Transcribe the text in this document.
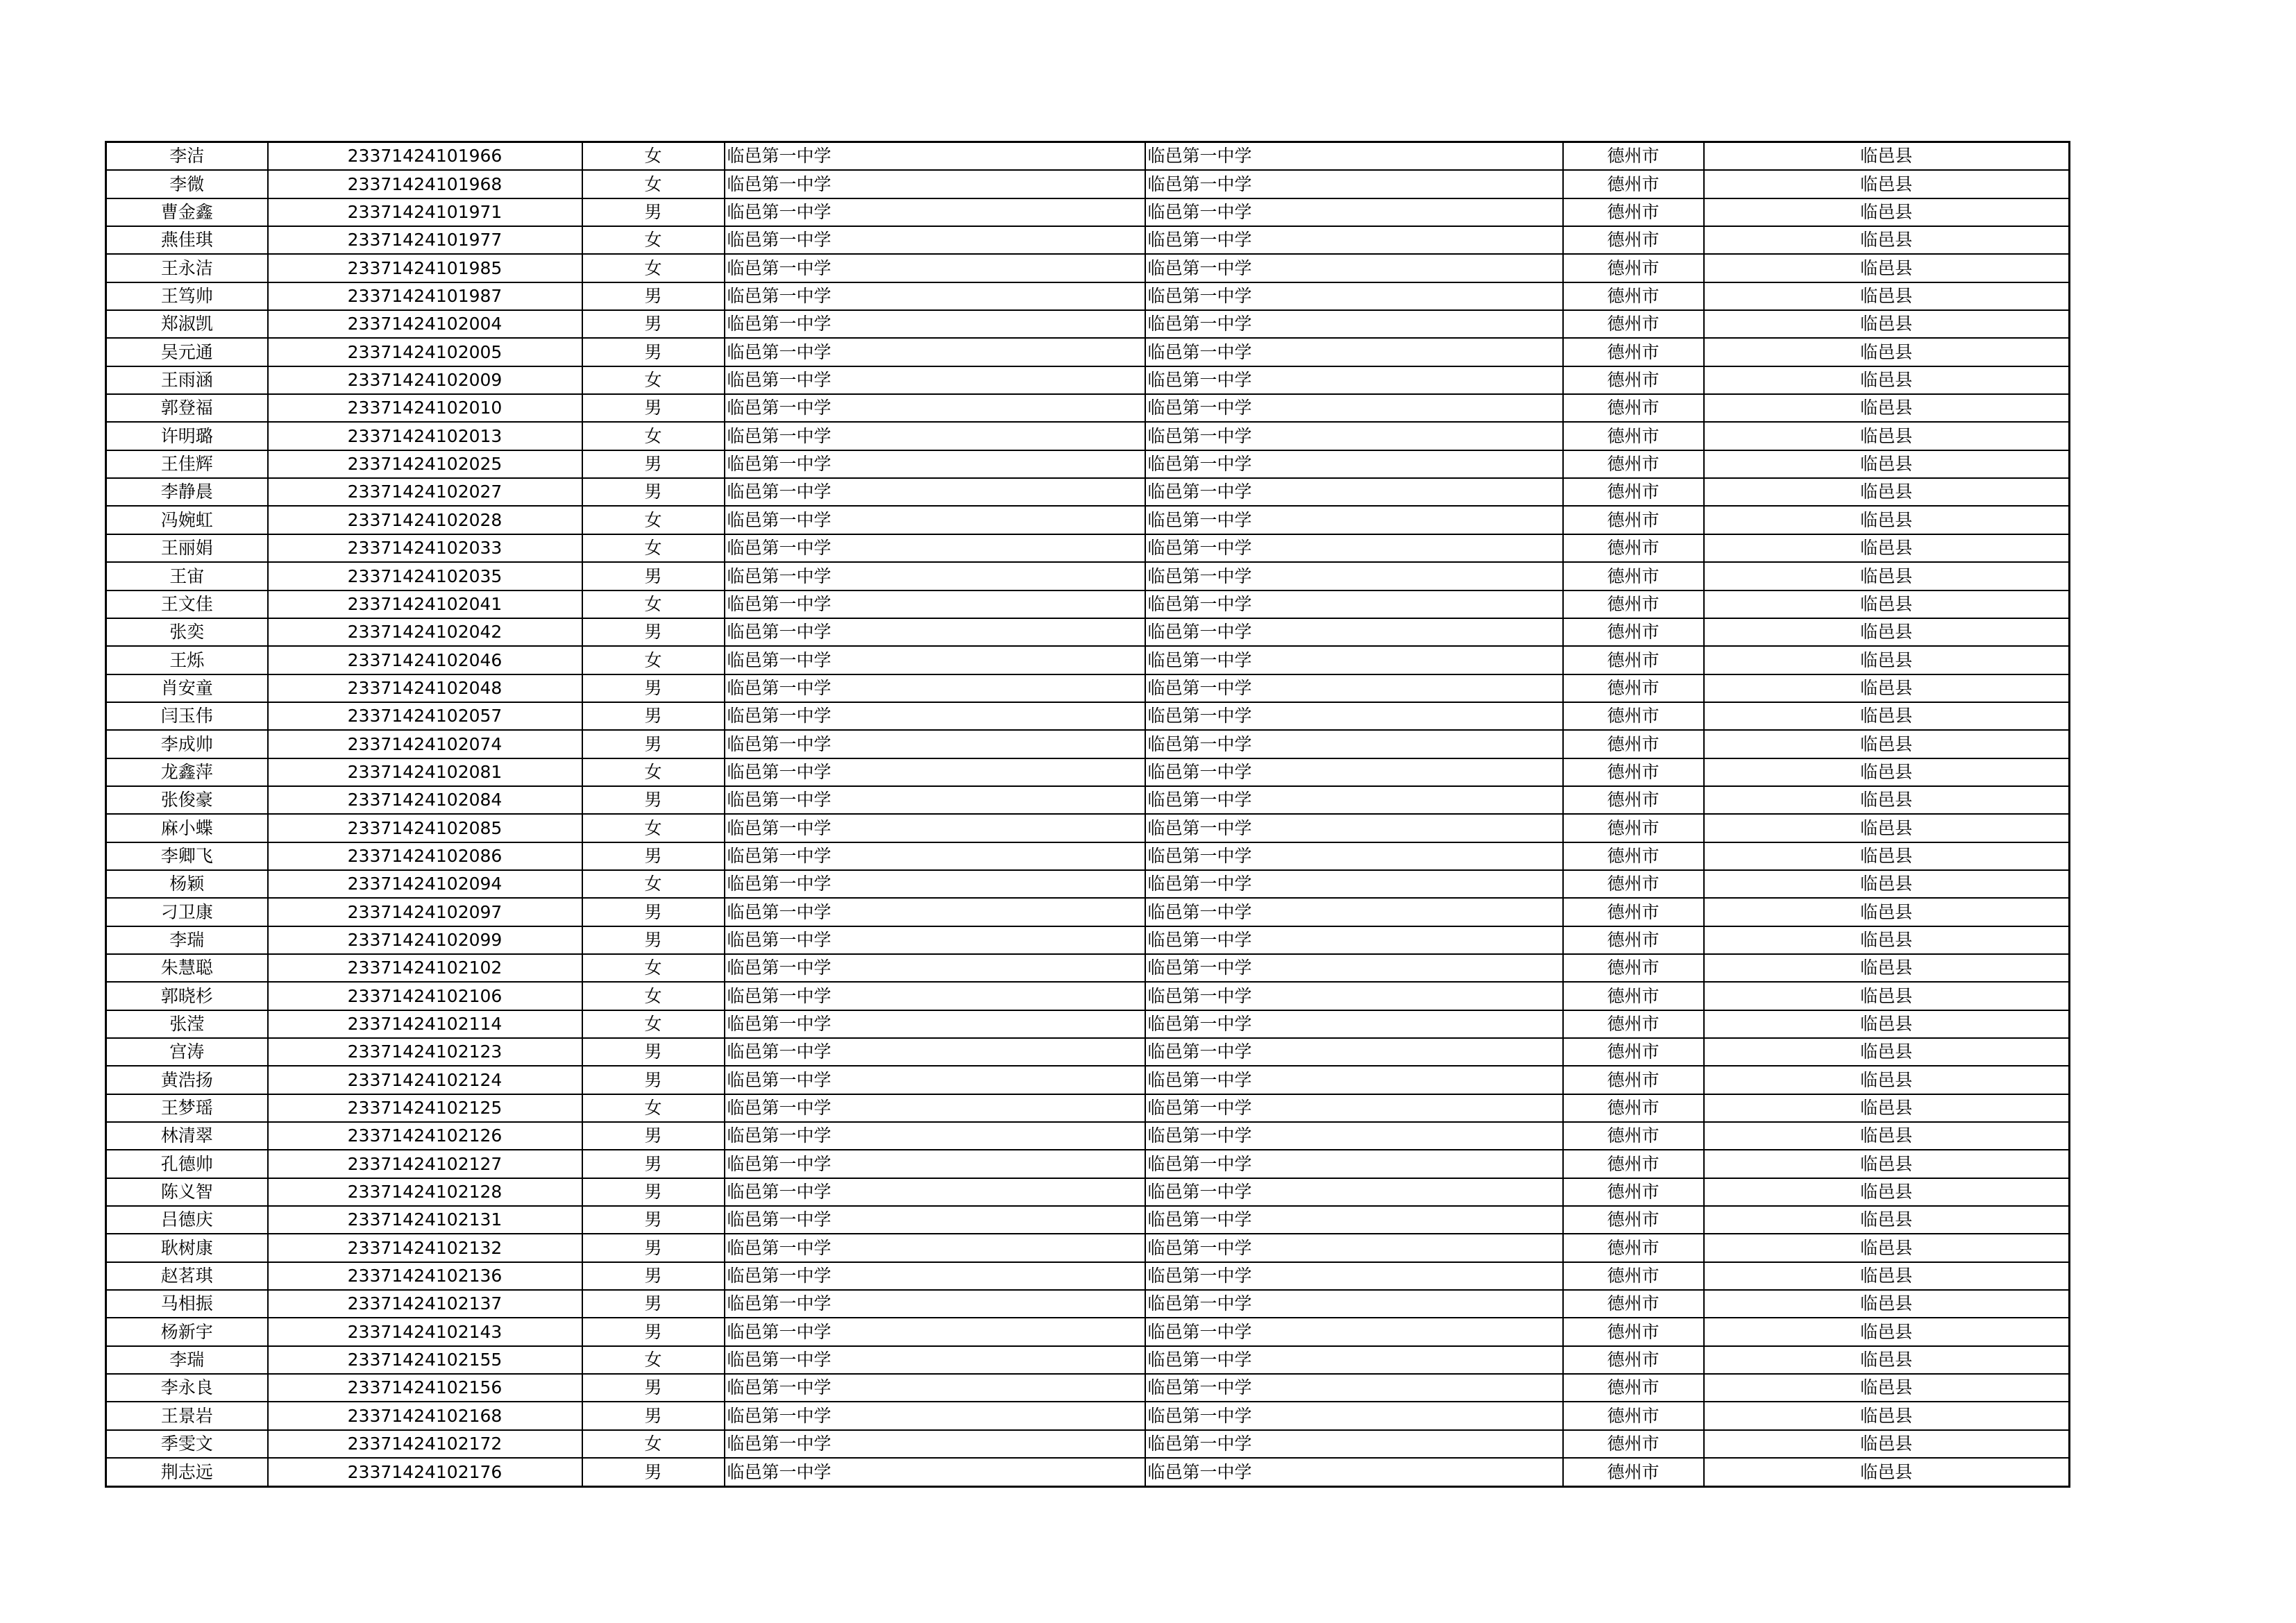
李洁	23371424101966	女	临邑第一中学	临邑第一中学	德州市	临邑县
李微	23371424101968	女	临邑第一中学	临邑第一中学	德州市	临邑县
曹金鑫	23371424101971	男	临邑第一中学	临邑第一中学	德州市	临邑县
燕佳琪	23371424101977	女	临邑第一中学	临邑第一中学	德州市	临邑县
王永洁	23371424101985	女	临邑第一中学	临邑第一中学	德州市	临邑县
王笃帅	23371424101987	男	临邑第一中学	临邑第一中学	德州市	临邑县
郑淑凯	23371424102004	男	临邑第一中学	临邑第一中学	德州市	临邑县
吴元通	23371424102005	男	临邑第一中学	临邑第一中学	德州市	临邑县
王雨涵	23371424102009	女	临邑第一中学	临邑第一中学	德州市	临邑县
郭登福	23371424102010	男	临邑第一中学	临邑第一中学	德州市	临邑县
许明璐	23371424102013	女	临邑第一中学	临邑第一中学	德州市	临邑县
王佳辉	23371424102025	男	临邑第一中学	临邑第一中学	德州市	临邑县
李静晨	23371424102027	男	临邑第一中学	临邑第一中学	德州市	临邑县
冯婉虹	23371424102028	女	临邑第一中学	临邑第一中学	德州市	临邑县
王丽娟	23371424102033	女	临邑第一中学	临邑第一中学	德州市	临邑县
王宙	23371424102035	男	临邑第一中学	临邑第一中学	德州市	临邑县
王文佳	23371424102041	女	临邑第一中学	临邑第一中学	德州市	临邑县
张奕	23371424102042	男	临邑第一中学	临邑第一中学	德州市	临邑县
王烁	23371424102046	女	临邑第一中学	临邑第一中学	德州市	临邑县
肖安童	23371424102048	男	临邑第一中学	临邑第一中学	德州市	临邑县
闫玉伟	23371424102057	男	临邑第一中学	临邑第一中学	德州市	临邑县
李成帅	23371424102074	男	临邑第一中学	临邑第一中学	德州市	临邑县
龙鑫萍	23371424102081	女	临邑第一中学	临邑第一中学	德州市	临邑县
张俊豪	23371424102084	男	临邑第一中学	临邑第一中学	德州市	临邑县
麻小蝶	23371424102085	女	临邑第一中学	临邑第一中学	德州市	临邑县
李卿飞	23371424102086	男	临邑第一中学	临邑第一中学	德州市	临邑县
杨颖	23371424102094	女	临邑第一中学	临邑第一中学	德州市	临邑县
刁卫康	23371424102097	男	临邑第一中学	临邑第一中学	德州市	临邑县
李瑞	23371424102099	男	临邑第一中学	临邑第一中学	德州市	临邑县
朱慧聪	23371424102102	女	临邑第一中学	临邑第一中学	德州市	临邑县
郭晓杉	23371424102106	女	临邑第一中学	临邑第一中学	德州市	临邑县
张滢	23371424102114	女	临邑第一中学	临邑第一中学	德州市	临邑县
宫涛	23371424102123	男	临邑第一中学	临邑第一中学	德州市	临邑县
黄浩扬	23371424102124	男	临邑第一中学	临邑第一中学	德州市	临邑县
王梦瑶	23371424102125	女	临邑第一中学	临邑第一中学	德州市	临邑县
林清翠	23371424102126	男	临邑第一中学	临邑第一中学	德州市	临邑县
孔德帅	23371424102127	男	临邑第一中学	临邑第一中学	德州市	临邑县
陈义智	23371424102128	男	临邑第一中学	临邑第一中学	德州市	临邑县
吕德庆	23371424102131	男	临邑第一中学	临邑第一中学	德州市	临邑县
耿树康	23371424102132	男	临邑第一中学	临邑第一中学	德州市	临邑县
赵茗琪	23371424102136	男	临邑第一中学	临邑第一中学	德州市	临邑县
马相振	23371424102137	男	临邑第一中学	临邑第一中学	德州市	临邑县
杨新宇	23371424102143	男	临邑第一中学	临邑第一中学	德州市	临邑县
李瑞	23371424102155	女	临邑第一中学	临邑第一中学	德州市	临邑县
李永良	23371424102156	男	临邑第一中学	临邑第一中学	德州市	临邑县
王景岩	23371424102168	男	临邑第一中学	临邑第一中学	德州市	临邑县
季雯文	23371424102172	女	临邑第一中学	临邑第一中学	德州市	临邑县
荆志远	23371424102176	男	临邑第一中学	临邑第一中学	德州市	临邑县
